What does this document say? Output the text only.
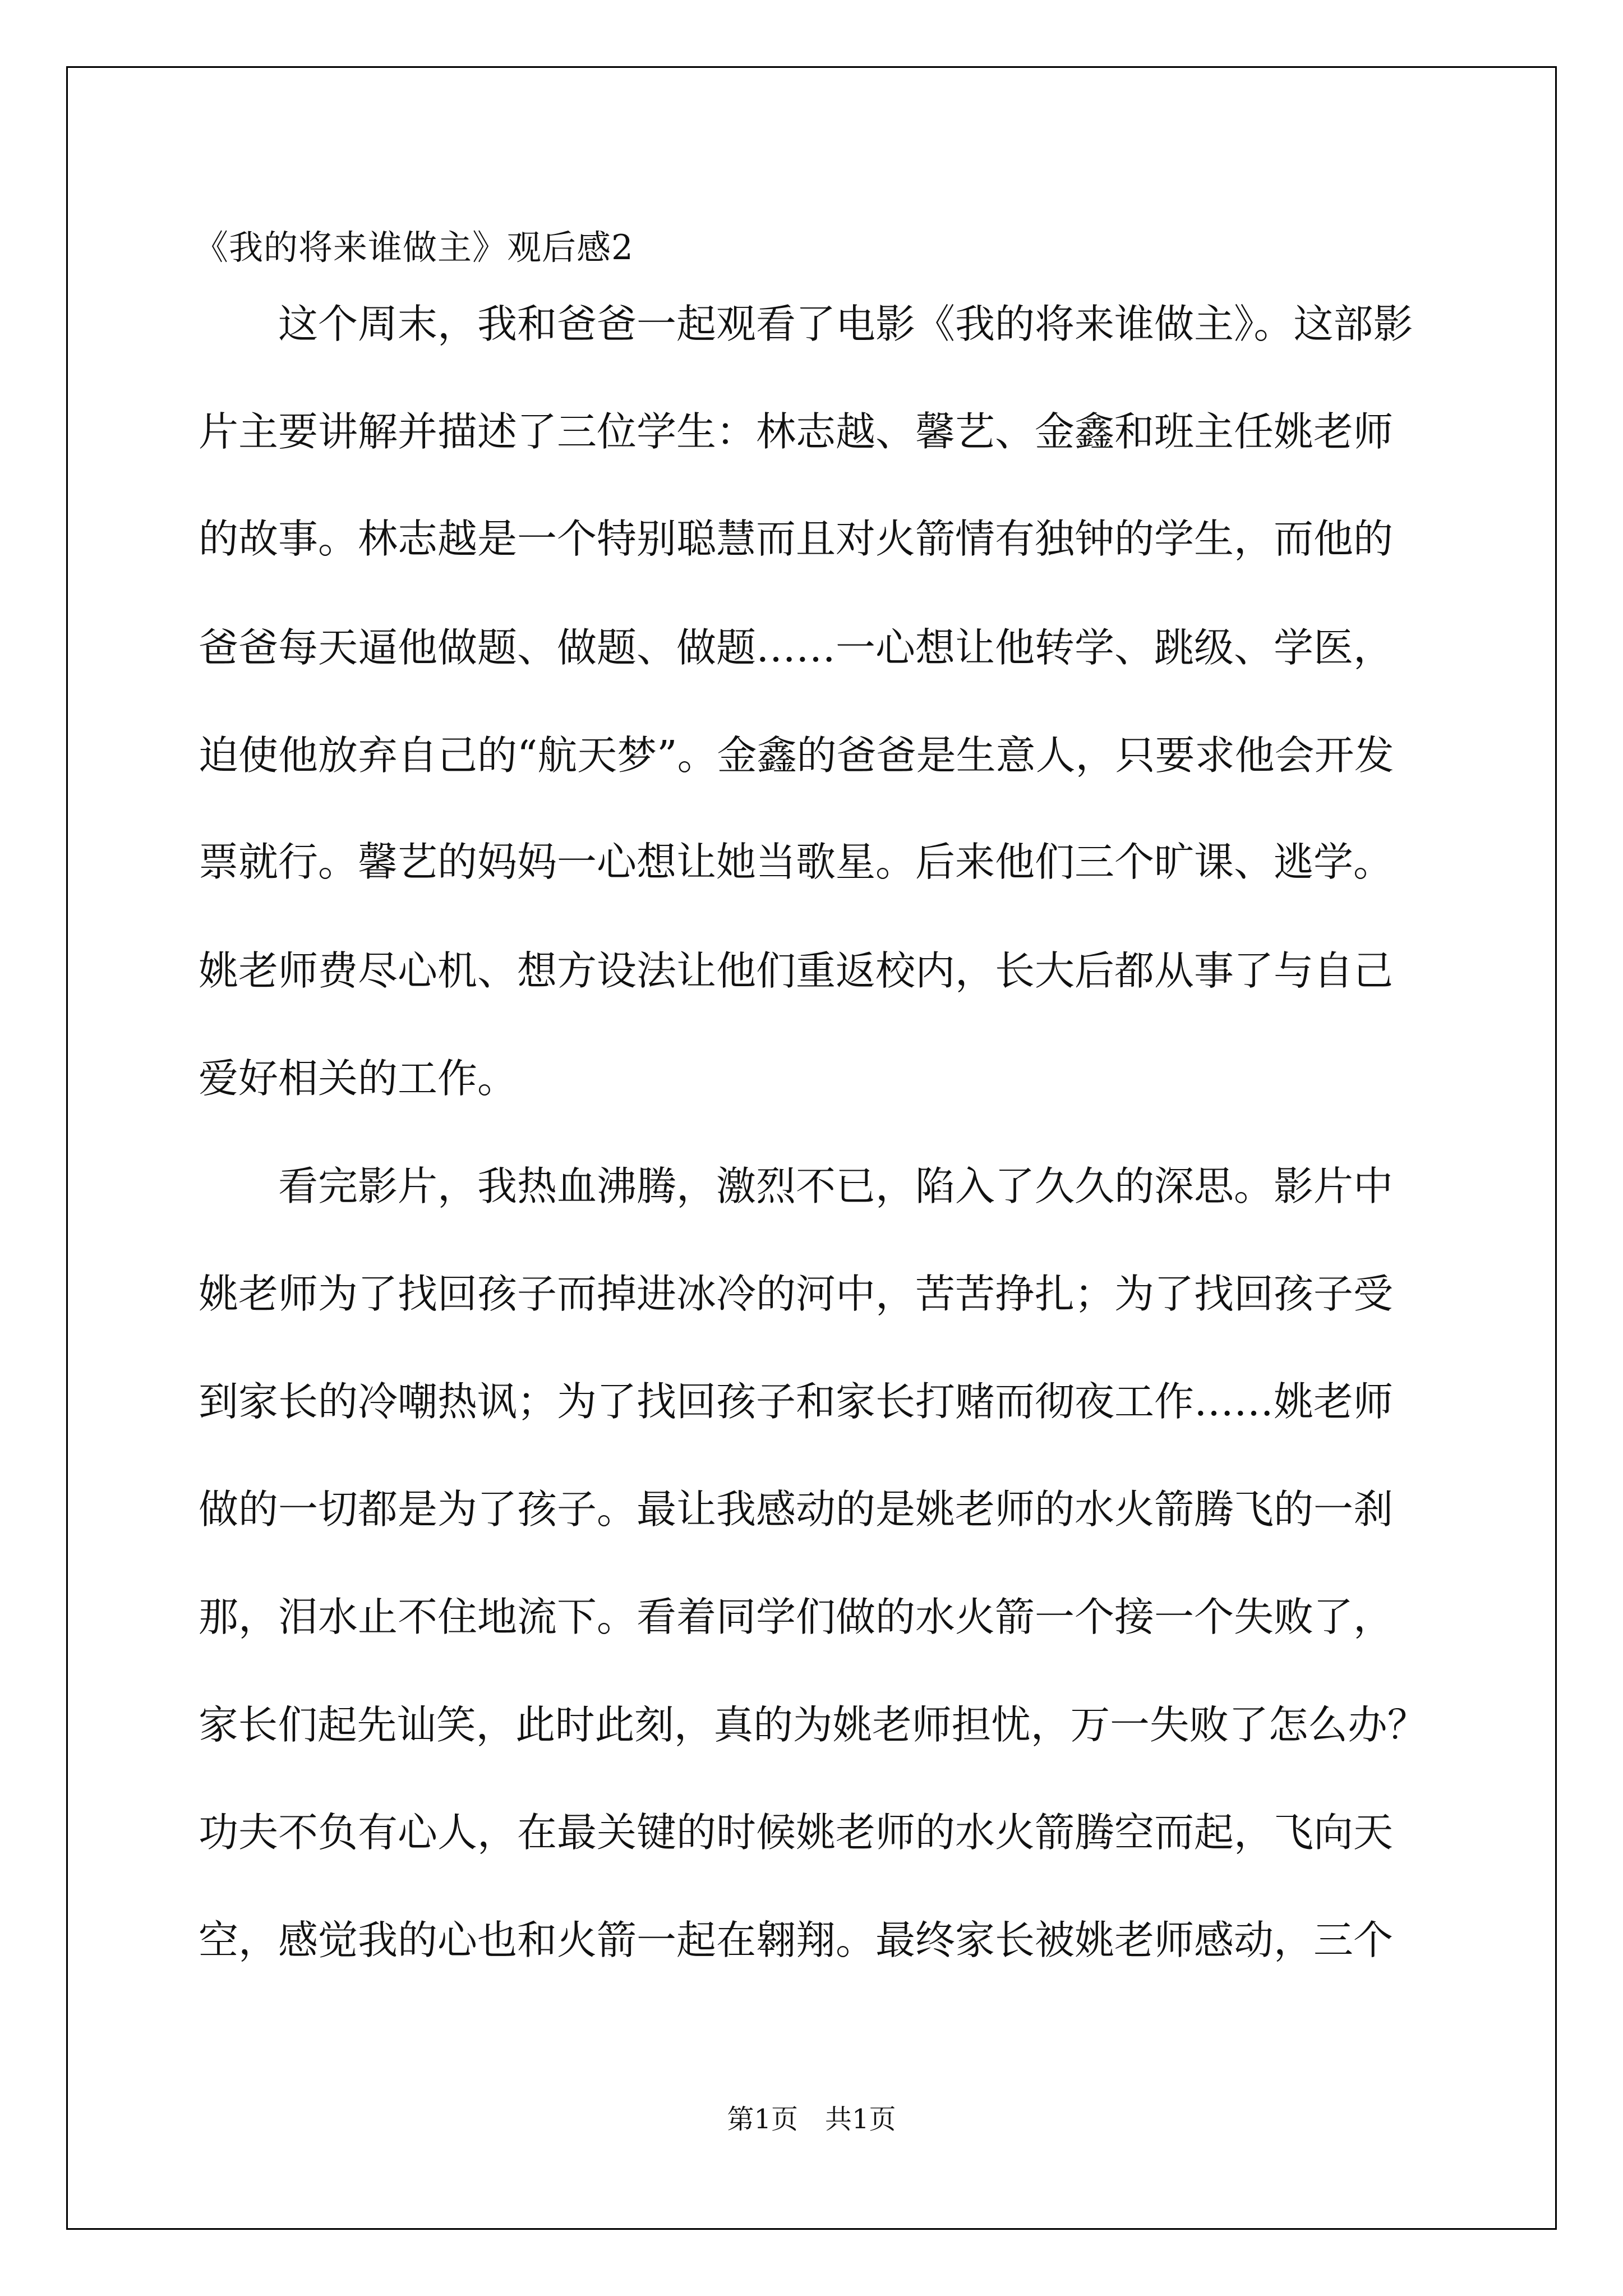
《我的将来谁做主》观后感2
这个周末，我和爸爸一起观看了电影《我的将来谁做主》。这部影
片主要讲解并描述了三位学生：林志越、馨艺、金鑫和班主任姚老师
的故事。林志越是一个特别聪慧而且对火箭情有独钟的学生，而他的
爸爸每天逼他做题、做题、做题……一心想让他转学、跳级、学医，
迫使他放弃自己的“航天梦”。金鑫的爸爸是生意人，只要求他会开发
票就行。馨艺的妈妈一心想让她当歌星。后来他们三个旷课、逃学。
姚老师费尽心机、想方设法让他们重返校内，长大后都从事了与自己
爱好相关的工作。
看完影片，我热血沸腾，激烈不已，陷入了久久的深思。影片中
姚老师为了找回孩子而掉进冰冷的河中，苦苦挣扎；为了找回孩子受
到家长的冷嘲热讽；为了找回孩子和家长打赌而彻夜工作……姚老师
做的一切都是为了孩子。最让我感动的是姚老师的水火箭腾飞的一刹
那，泪水止不住地流下。看着同学们做的水火箭一个接一个失败了，
家长们起先讪笑，此时此刻，真的为姚老师担忧，万一失败了怎么办？
功夫不负有心人，在最关键的时候姚老师的水火箭腾空而起，飞向天
空，感觉我的心也和火箭一起在翱翔。最终家长被姚老师感动，三个
第1页　共1页
